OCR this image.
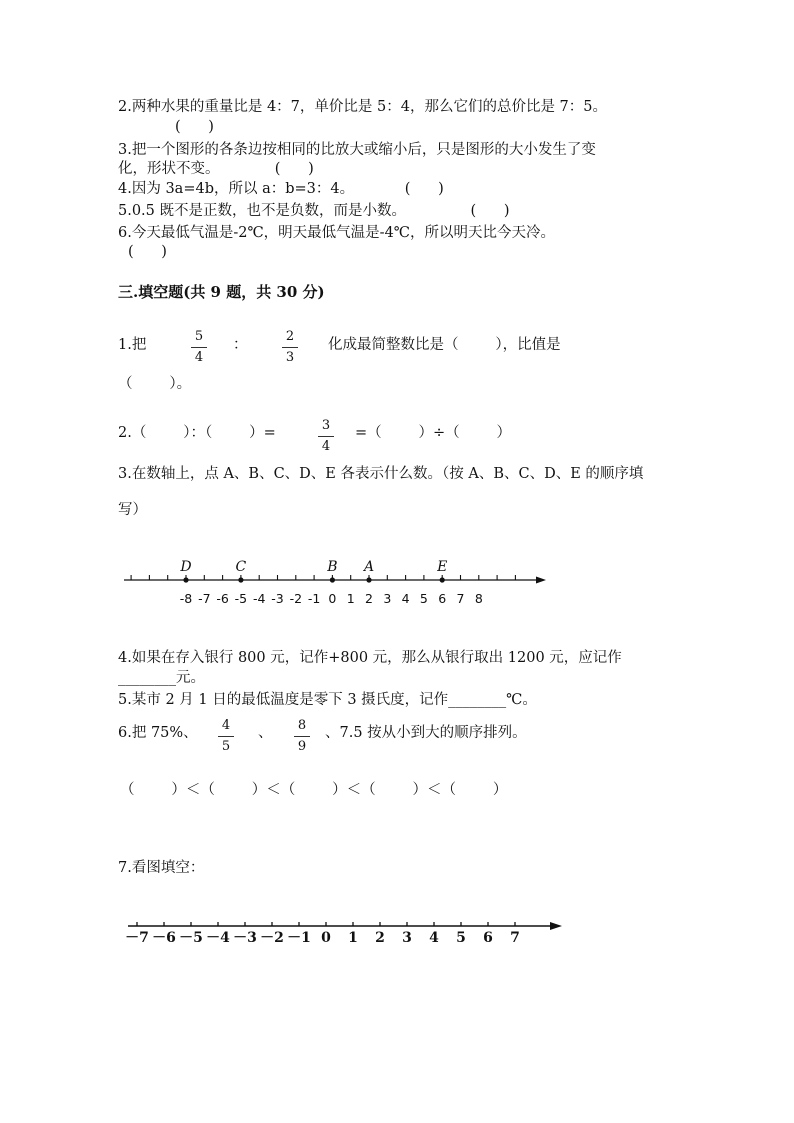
2.两种水果的重量比是 4：7，单价比是 5：4，那么它们的总价比是 7：5。
(      )
3.把一个图形的各条边按相同的比放大或缩小后，只是图形的大小发生了变
化，形状不变。            (      )
4.因为 3a=4b，所以 a：b=3：4。           (      )
5.0.5 既不是正数，也不是负数，而是小数。              (      )
6.今天最低气温是-2℃，明天最低气温是-4℃，所以明天比今天冷。
(      )
三.填空题(共 9 题，共 30 分)
1.把
5
4
：
2
3
化成最简整数比是（        ），比值是
（        ）。
2.（        ）：（        ）=	3
4
=（        ）÷（        ）
3.在数轴上，点 A、B、C、D、E 各表示什么数。（按 A、B、C、D、E 的顺序填
写）
-8 -7 -6 -5 -4 -3 -2 -1 0 1 2 3 4 5 6 7 8
D	C	B A	E
4.如果在存入银行 800 元，记作+800 元，那么从银行取出 1200 元，应记作
________元。
5.某市 2 月 1 日的最低温度是零下 3 摄氏度，记作________℃。
6.把 75%、	4
5
、	8
9
、7.5 按从小到大的顺序排列。
（        ）＜（        ）＜（        ）＜（        ）＜（        ）
7.看图填空：
－7 －6 －5 －4 －3 －2 －1 0 1 2 3 4 5 6 7
